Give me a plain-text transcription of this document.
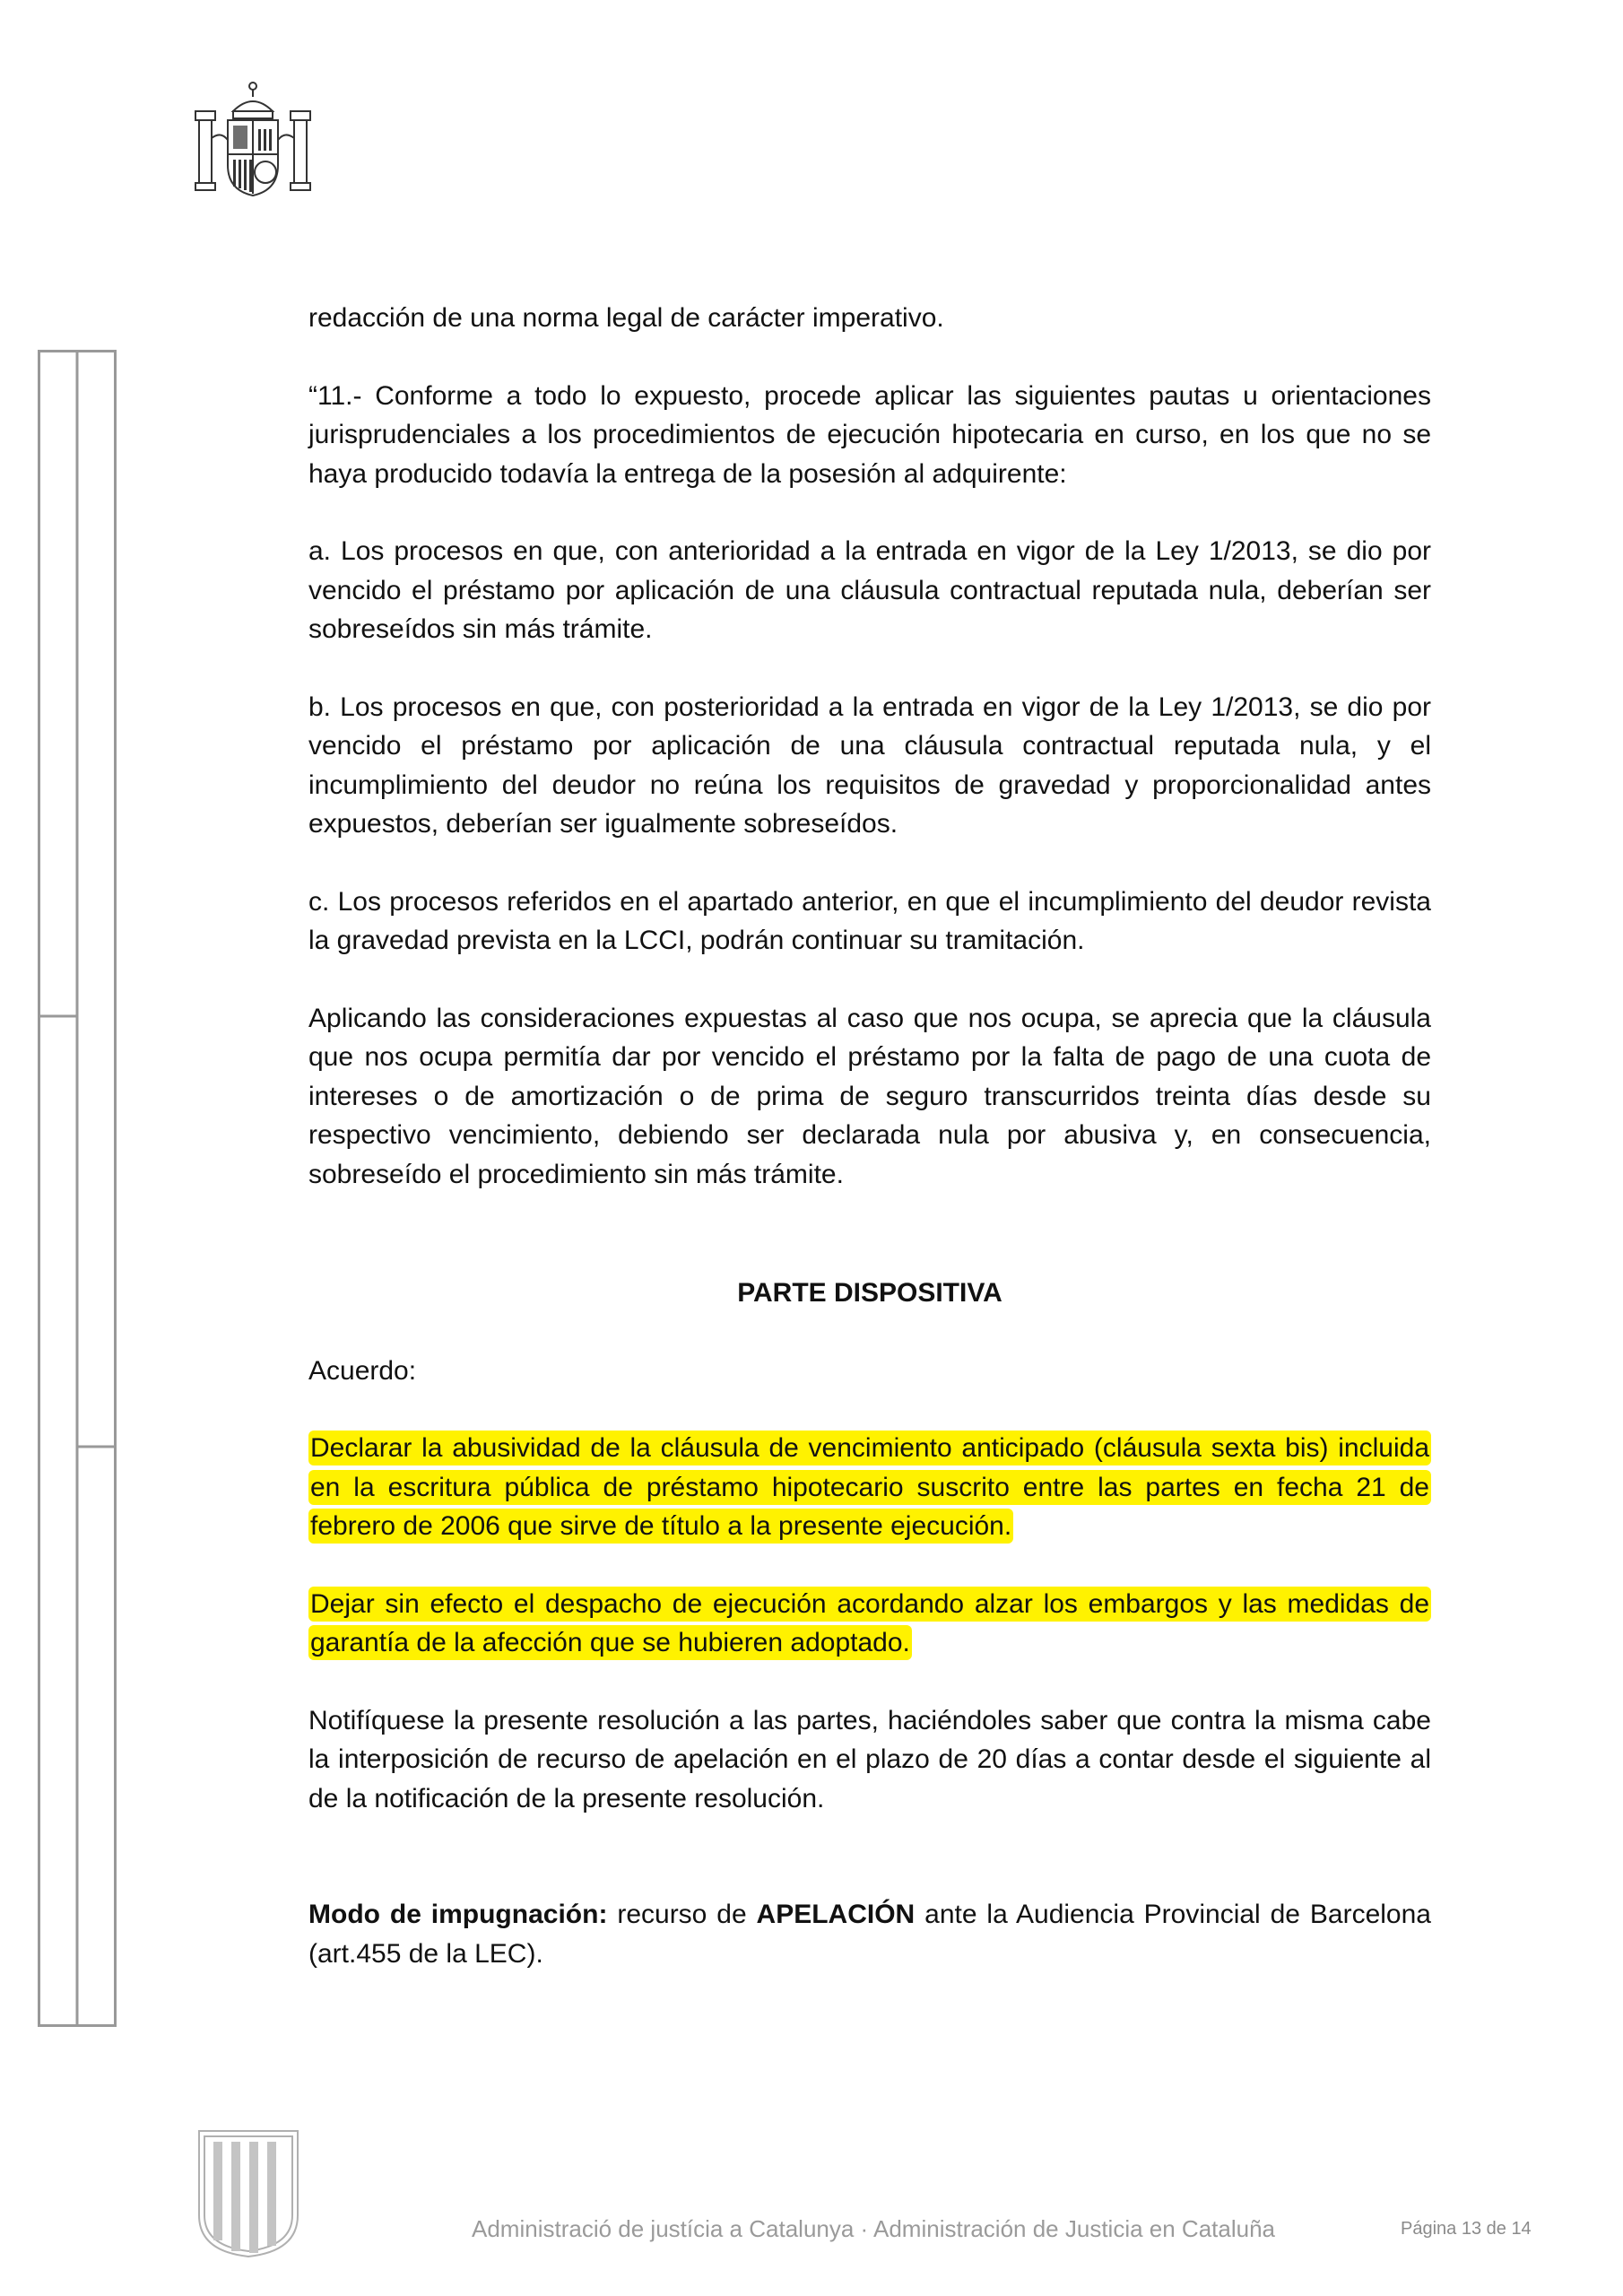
redacción de una norma legal de carácter imperativo.

“11.- Conforme a todo lo expuesto, procede aplicar las siguientes pautas u orientaciones jurisprudenciales a los procedimientos de ejecución hipotecaria en curso, en los que no se haya producido todavía la entrega de la posesión al adquirente:

a. Los procesos en que, con anterioridad a la entrada en vigor de la Ley 1/2013, se dio por vencido el préstamo por aplicación de una cláusula contractual reputada nula, deberían ser sobreseídos sin más trámite.

b. Los procesos en que, con posterioridad a la entrada en vigor de la Ley 1/2013, se dio por vencido el préstamo por aplicación de una cláusula contractual reputada nula, y el incumplimiento del deudor no reúna los requisitos de gravedad y proporcionalidad antes expuestos, deberían ser igualmente sobreseídos.

c. Los procesos referidos en el apartado anterior, en que el incumplimiento del deudor revista la gravedad prevista en la LCCI, podrán continuar su tramitación.

Aplicando las consideraciones expuestas al caso que nos ocupa, se aprecia que la cláusula que nos ocupa permitía dar por vencido el préstamo por la falta de pago de una cuota de intereses o de amortización o de prima de seguro transcurridos treinta días desde su respectivo vencimiento, debiendo ser declarada nula por abusiva y, en consecuencia, sobreseído el procedimiento sin más trámite.

PARTE DISPOSITIVA

Acuerdo:

Declarar la abusividad de la cláusula de vencimiento anticipado (cláusula sexta bis) incluida en la escritura pública de préstamo hipotecario suscrito entre las partes en fecha 21 de febrero de 2006 que sirve de título a la presente ejecución.

Dejar sin efecto el despacho de ejecución acordando alzar los embargos y las medidas de garantía de la afección que se hubieren adoptado.

Notifíquese la presente resolución a las partes, haciéndoles saber que contra la misma cabe la interposición de recurso de apelación en el plazo de 20 días a contar desde el siguiente al de la notificación de la presente resolución.

Modo de impugnación: recurso de APELACIÓN ante la Audiencia Provincial de Barcelona (art.455 de la LEC).

Administració de justícia a Catalunya · Administración de Justicia en Cataluña	Página 13 de 14
